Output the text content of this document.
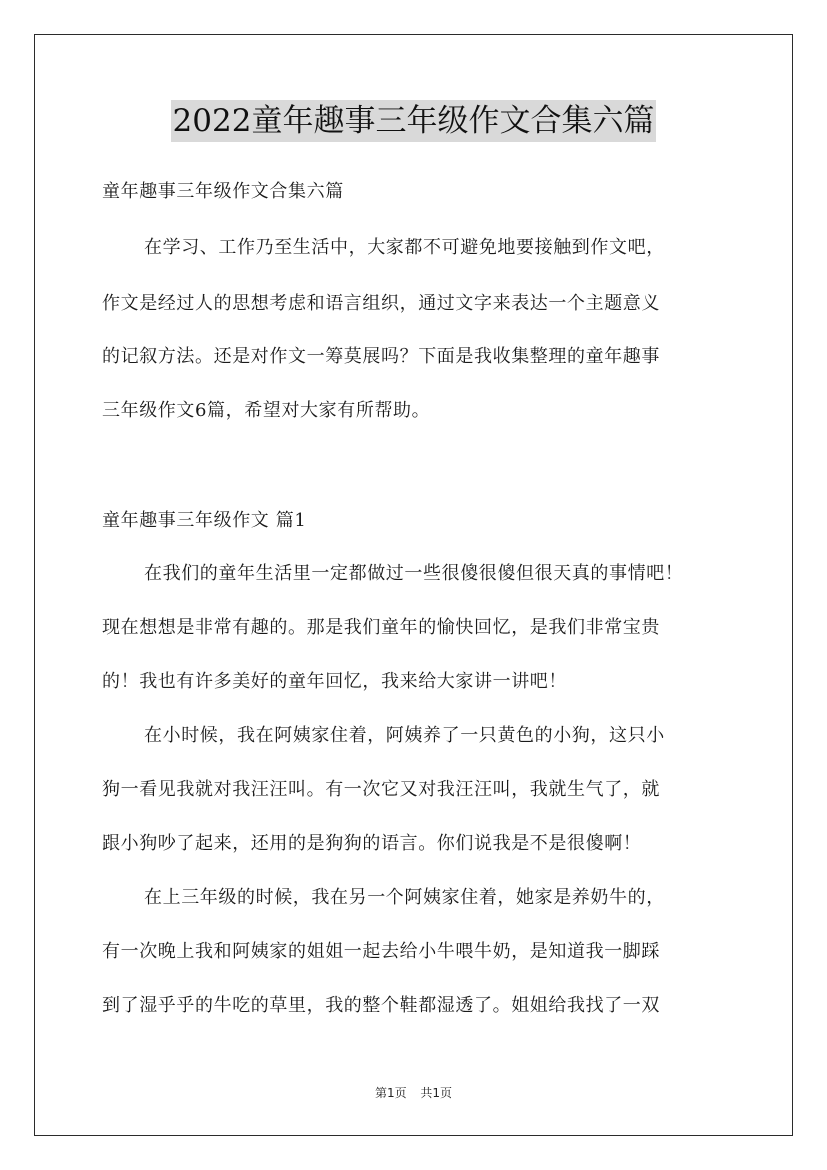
2022童年趣事三年级作文合集六篇
童年趣事三年级作文合集六篇
在学习、工作乃至生活中，大家都不可避免地要接触到作文吧，
作文是经过人的思想考虑和语言组织，通过文字来表达一个主题意义
的记叙方法。还是对作文一筹莫展吗？下面是我收集整理的童年趣事
三年级作文6篇，希望对大家有所帮助。
童年趣事三年级作文 篇1
在我们的童年生活里一定都做过一些很傻很傻但很天真的事情吧！
现在想想是非常有趣的。那是我们童年的愉快回忆，是我们非常宝贵
的！我也有许多美好的童年回忆，我来给大家讲一讲吧！
在小时候，我在阿姨家住着，阿姨养了一只黄色的小狗，这只小
狗一看见我就对我汪汪叫。有一次它又对我汪汪叫，我就生气了，就
跟小狗吵了起来，还用的是狗狗的语言。你们说我是不是很傻啊！
在上三年级的时候，我在另一个阿姨家住着，她家是养奶牛的，
有一次晚上我和阿姨家的姐姐一起去给小牛喂牛奶，是知道我一脚踩
到了湿乎乎的牛吃的草里，我的整个鞋都湿透了。姐姐给我找了一双
第1页 共1页
